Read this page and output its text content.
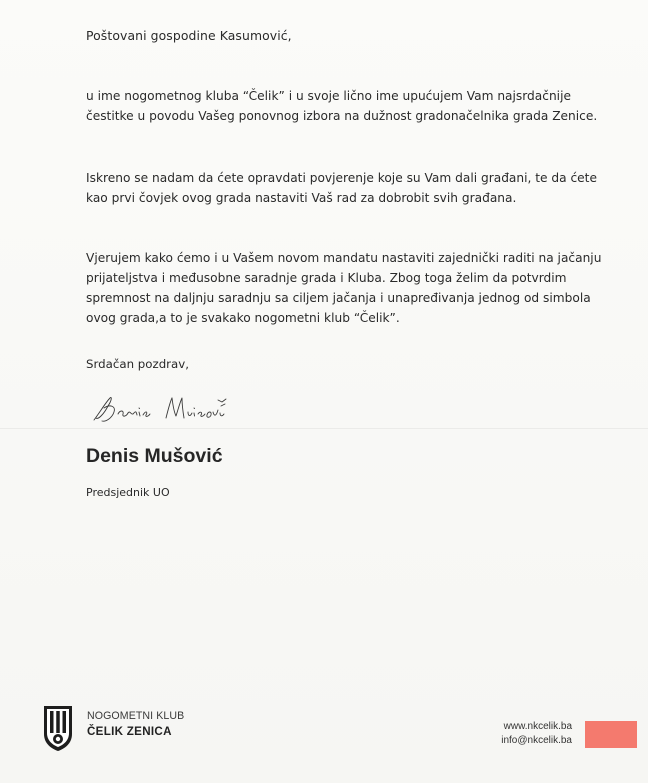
Poštovani gospodine Kasumović,
u ime nogometnog kluba “Čelik” i u svoje lično ime upućujem Vam najsrdačnije
čestitke u povodu Vašeg ponovnog izbora na dužnost gradonačelnika grada Zenice.
Iskreno se nadam da ćete opravdati povjerenje koje su Vam dali građani, te da ćete
kao prvi čovjek ovog grada nastaviti Vaš rad za dobrobit svih građana.
Vjerujem kako ćemo i u Vašem novom mandatu nastaviti zajednički raditi na jačanju
prijateljstva i međusobne saradnje grada i Kluba. Zbog toga želim da potvrdim
spremnost na daljnju saradnju sa ciljem jačanja i unapređivanja jednog od simbola
ovog grada,a to je svakako nogometni klub “Čelik”.
Srdačan pozdrav,
Denis Mušović
Predsjednik UO
NOGOMETNI KLUB
ČELIK ZENICA	www.nkcelik.ba
info@nkcelik.ba
